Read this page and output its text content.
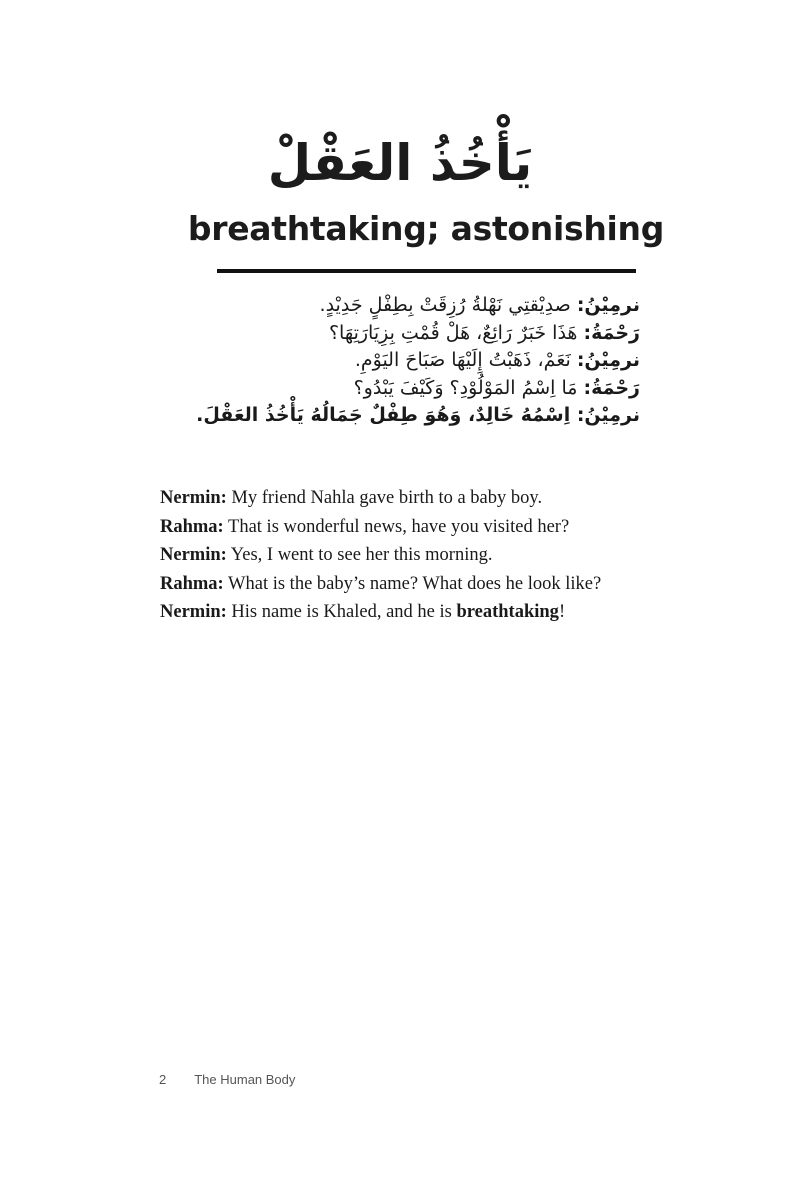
يَأْخُذُ العَقْلْ
breathtaking; astonishing
نرمِيْنُ: صدِيْقتِي نَهْلةُ رُزِقَتْ بِطِفْلٍ جَدِيْدٍ.
رَحْمَةُ: هَذَا خَبَرٌ رَائِعٌ، هَلْ قُمْتِ بِزِيَارَتِهَا؟
نرمِيْنُ: نَعَمْ، ذَهَبْتُ إِلَيْهَا صَبَاحَ اليَوْمِ.
رَحْمَةُ: مَا اِسْمُ المَوْلُوْدِ؟ وَكَيْفَ يَبْدُو؟
نرمِيْنُ: اِسْمُهُ خَالِدٌ، وَهُوَ طِفْلٌ جَمَالُهُ يَأْخُذُ العَقْلَ.
Nermin: My friend Nahla gave birth to a baby boy.
Rahma: That is wonderful news, have you visited her?
Nermin: Yes, I went to see her this morning.
Rahma: What is the baby’s name? What does he look like?
Nermin: His name is Khaled, and he is breathtaking!
2 The Human Body
